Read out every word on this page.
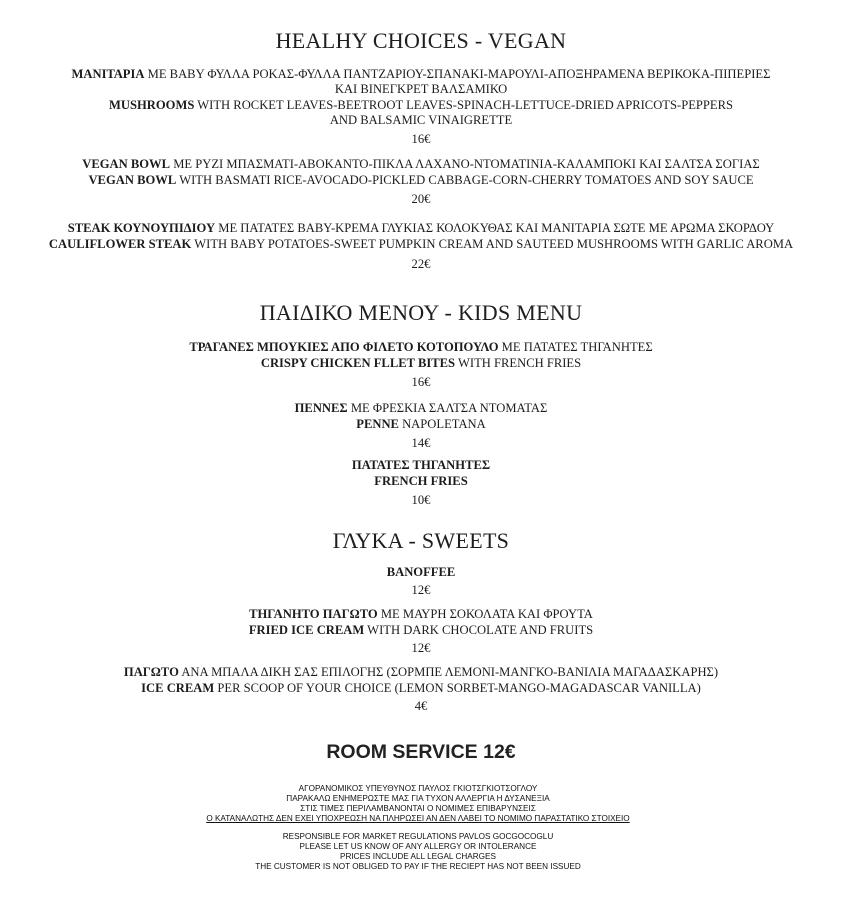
HEALHY CHOICES - VEGAN
ΜΑΝΙΤΑΡΙΑ ΜΕ BABY ΦΥΛΛΑ ΡΟΚΑΣ-ΦΥΛΛΑ ΠΑΝΤΖΑΡΙΟΥ-ΣΠΑΝΑΚΙ-ΜΑΡΟΥΛΙ-ΑΠΟΞΗΡΑΜΕΝΑ ΒΕΡΙΚΟΚΑ-ΠΙΠΕΡΙΕΣ
ΚΑΙ ΒΙΝΕΓΚΡΕΤ ΒΑΛΣΑΜΙΚΟ
MUSHROOMS WITH ROCKET LEAVES-BEETROOT LEAVES-SPINACH-LETTUCE-DRIED APRICOTS-PEPPERS
AND BALSAMIC VINAIGRETTE
16€
VEGAN BOWL ΜΕ ΡΥΖΙ ΜΠΑΣΜΑΤΙ-ΑΒΟΚΑΝΤΟ-ΠΙΚΛΑ ΛΑΧΑΝΟ-ΝΤΟΜΑΤΙΝΙΑ-ΚΑΛΑΜΠΟΚΙ ΚΑΙ ΣΑΛΤΣΑ ΣΟΓΙΑΣ
VEGAN BOWL WITH BASMATI RICE-AVOCADO-PICKLED CABBAGE-CORN-CHERRY TOMATOES AND SOY SAUCE
20€
STEAK ΚΟΥΝΟΥΠΙΔΙΟΥ ΜΕ ΠΑΤΑΤΕΣ BABY-ΚΡΕΜΑ ΓΛΥΚΙΑΣ ΚΟΛΟΚΥΘΑΣ ΚΑΙ ΜΑΝΙΤΑΡΙΑ ΣΩΤΕ ΜΕ ΑΡΩΜΑ ΣΚΟΡΔΟΥ
CAULIFLOWER STEAK WITH BABY POTATOES-SWEET PUMPKIN CREAM AND SAUTEED MUSHROOMS WITH GARLIC AROMA
22€
ΠΑΙΔΙΚΟ ΜΕΝΟΥ - KIDS MENU
ΤΡΑΓΑΝΕΣ ΜΠΟΥΚΙΕΣ ΑΠΟ ΦΙΛΕΤΟ ΚΟΤΟΠΟΥΛΟ ΜΕ ΠΑΤΑΤΕΣ ΤΗΓΑΝΗΤΕΣ
CRISPY CHICKEN FLLET BITES WITH FRENCH FRIES
16€
ΠΕΝΝΕΣ ΜΕ ΦΡΕΣΚΙΑ ΣΑΛΤΣΑ ΝΤΟΜΑΤΑΣ
PENNE NAPOLETANA
14€
ΠΑΤΑΤΕΣ ΤΗΓΑΝΗΤΕΣ
FRENCH FRIES
10€
ΓΛΥΚΑ - SWEETS
BANOFFEE
12€
ΤΗΓΑΝΗΤΟ ΠΑΓΩΤΟ ΜΕ ΜΑΥΡΗ ΣΟΚΟΛΑΤΑ ΚΑΙ ΦΡΟΥΤΑ
FRIED ICE CREAM WITH DARK CHOCOLATE AND FRUITS
12€
ΠΑΓΩΤΟ ΑΝΑ ΜΠΑΛΑ ΔΙΚΗ ΣΑΣ ΕΠΙΛΟΓΗΣ (ΣΟΡΜΠΕ ΛΕΜΟΝΙ-ΜΑΝΓΚΟ-ΒΑΝΙΛΙΑ ΜΑΓΑΔΑΣΚΑΡΗΣ)
ICE CREAM PER SCOOP OF YOUR CHOICE (LEMON SORBET-MANGO-MAGADASCAR VANILLA)
4€
ROOM SERVICE 12€
ΑΓΟΡΑΝΟΜΙΚΟΣ ΥΠΕΥΘΥΝΟΣ ΠΑΥΛΟΣ ΓΚΙΟΤΣΓΚΙΟΤΣΟΓΛΟΥ
ΠΑΡΑΚΑΛΩ ΕΝΗΜΕΡΩΣΤΕ ΜΑΣ ΓΙΑ ΤΥΧΟΝ ΑΛΛΕΡΓΙΑ Η ΔΥΣΑΝΕΞΙΑ
ΣΤΙΣ ΤΙΜΕΣ ΠΕΡΙΛΑΜΒΑΝΟΝΤΑΙ Ο ΝΟΜΙΜΕΣ ΕΠΙΒΑΡΥΝΣΕΙΣ
Ο ΚΑΤΑΝΑΛΩΤΗΣ ΔΕΝ ΕΧΕΙ ΥΠΟΧΡΕΩΣΗ ΝΑ ΠΛΗΡΩΣΕΙ ΑΝ ΔΕΝ ΛΑΒΕΙ ΤΟ ΝΟΜΙΜΟ ΠΑΡΑΣΤΑΤΙΚΟ ΣΤΟΙΧΕΙΟ
RESPONSIBLE FOR MARKET REGULATIONS PAVLOS GOCGOCOGLU
PLEASE LET US KNOW OF ANY ALLERGY OR INTOLERANCE
PRICES INCLUDE ALL LEGAL CHARGES
THE CUSTOMER IS NOT OBLIGED TO PAY IF THE RECIEPT HAS NOT BEEN ISSUED
